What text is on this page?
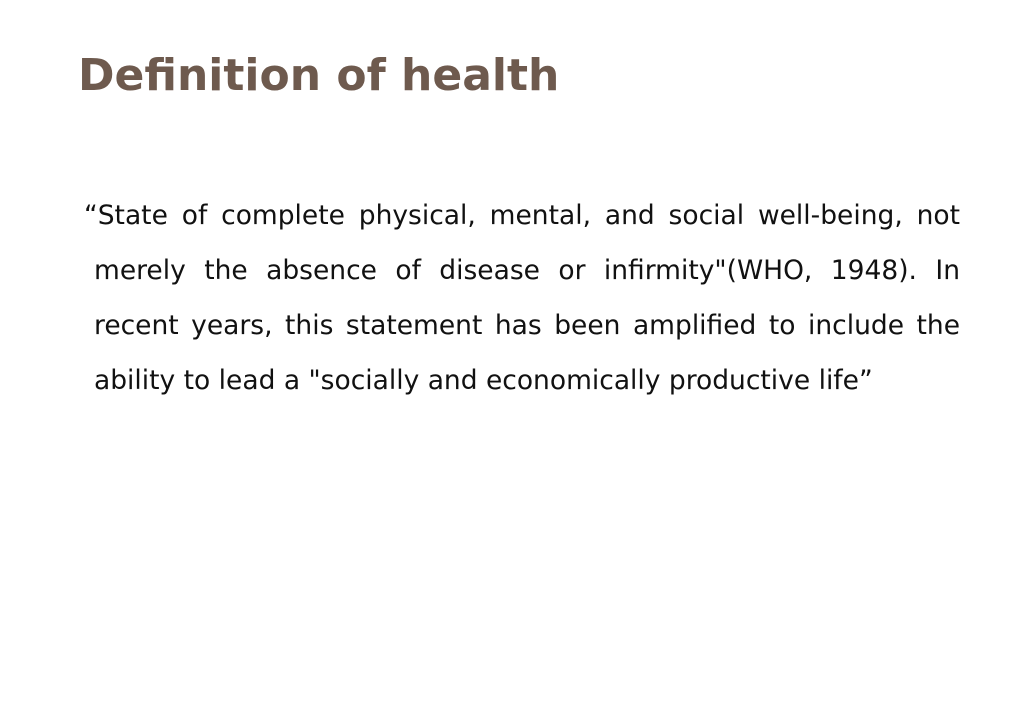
Definition of health

“State of complete physical, mental, and social well-being, not merely the absence of disease or infirmity"(WHO, 1948). In recent years, this statement has been amplified to include the ability to lead a "socially and economically productive life”
